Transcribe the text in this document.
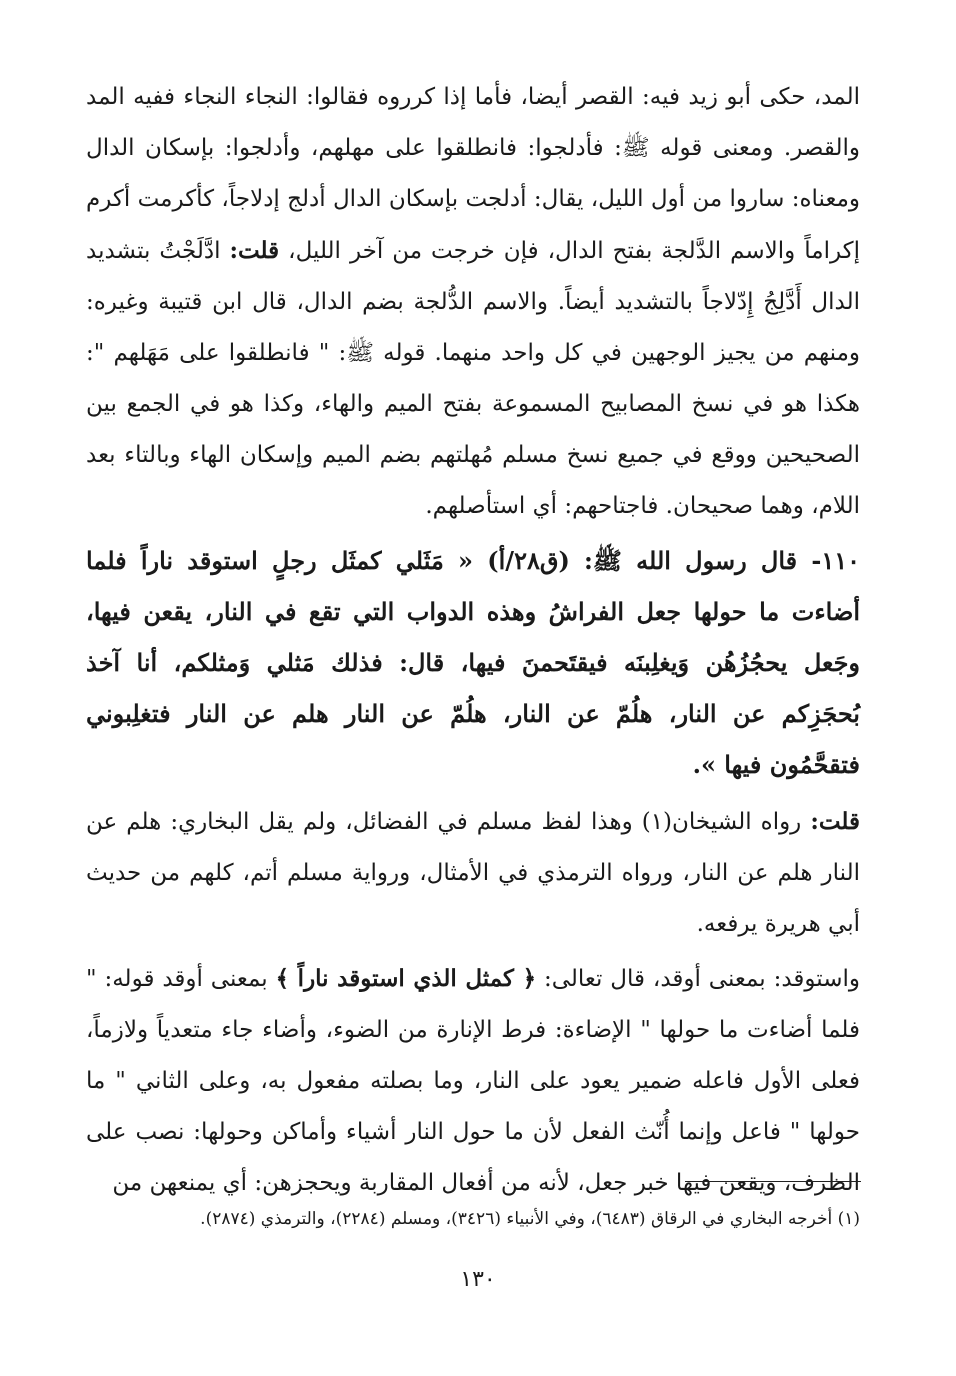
المد، حكى أبو زيد فيه: القصر أيضا، فأما إذا كرروه فقالوا: النجاء النجاء ففيه المد والقصر. ومعنى قوله ﷺ: فأدلجوا: فانطلقوا على مهلهم، وأدلجوا: بإسكان الدال ومعناه: ساروا من أول الليل، يقال: أدلجت بإسكان الدال أدلج إدلاجاً، كأكرمت أكرم إكراماً والاسم الدَّلجة بفتح الدال، فإن خرجت من آخر الليل، قلت: ادَّلَجْتُ بتشديد الدال أَدَّلِجُ إِدّلاجاً بالتشديد أيضاً. والاسم الدُّلجة بضم الدال، قال ابن قتيبة وغيره: ومنهم من يجيز الوجهين في كل واحد منهما. قوله ﷺ: " فانطلقوا على مَهَلهم ": هكذا هو في نسخ المصابيح المسموعة بفتح الميم والهاء، وكذا هو في الجمع بين الصحيحين ووقع في جميع نسخ مسلم مُهلتهم بضم الميم وإسكان الهاء وبالتاء بعد اللام، وهما صحيحان. فاجتاحهم: أي استأصلهم.

١١٠- قال رسول الله ﷺ: (ق٢٨/أ) « مَثَلي كمثَل رجلٍ استوقد ناراً فلما أضاءت ما حولها جعل الفراشُ وهذه الدواب التي تقع في النار، يقعن فيها، وجَعل يحجُزُهُن وَيغلِبنَه فيقتَحمنَ فيها، قال: فذلك مَثلي وَمثلكم، أنا آخذ بُحجَزِكم عن النار، هلُمّ عن النار، هلُمّ عن النار هلم عن النار فتغلِبوني فتقحَّمُون فيها ».

قلت: رواه الشيخان(١) وهذا لفظ مسلم في الفضائل، ولم يقل البخاري: هلم عن النار هلم عن النار، ورواه الترمذي في الأمثال، ورواية مسلم أتم، كلهم من حديث أبي هريرة يرفعه.

واستوقد: بمعنى أوقد، قال تعالى: ﴿ كمثل الذي استوقد ناراً ﴾ بمعنى أوقد قوله: " فلما أضاءت ما حولها " الإضاءة: فرط الإنارة من الضوء، وأضاء جاء متعدياً ولازماً، فعلى الأول فاعله ضمير يعود على النار، وما بصلته مفعول به، وعلى الثاني " ما حولها " فاعل وإنما أُنّث الفعل لأن ما حول النار أشياء وأماكن وحولها: نصب على الظرف، ويقعن فيها خبر جعل، لأنه من أفعال المقاربة ويحجزهن: أي يمنعهن من

(١) أخرجه البخاري في الرقاق (٦٤٨٣)، وفي الأنبياء (٣٤٢٦)، ومسلم (٢٢٨٤)، والترمذي (٢٨٧٤).
١٣٠
